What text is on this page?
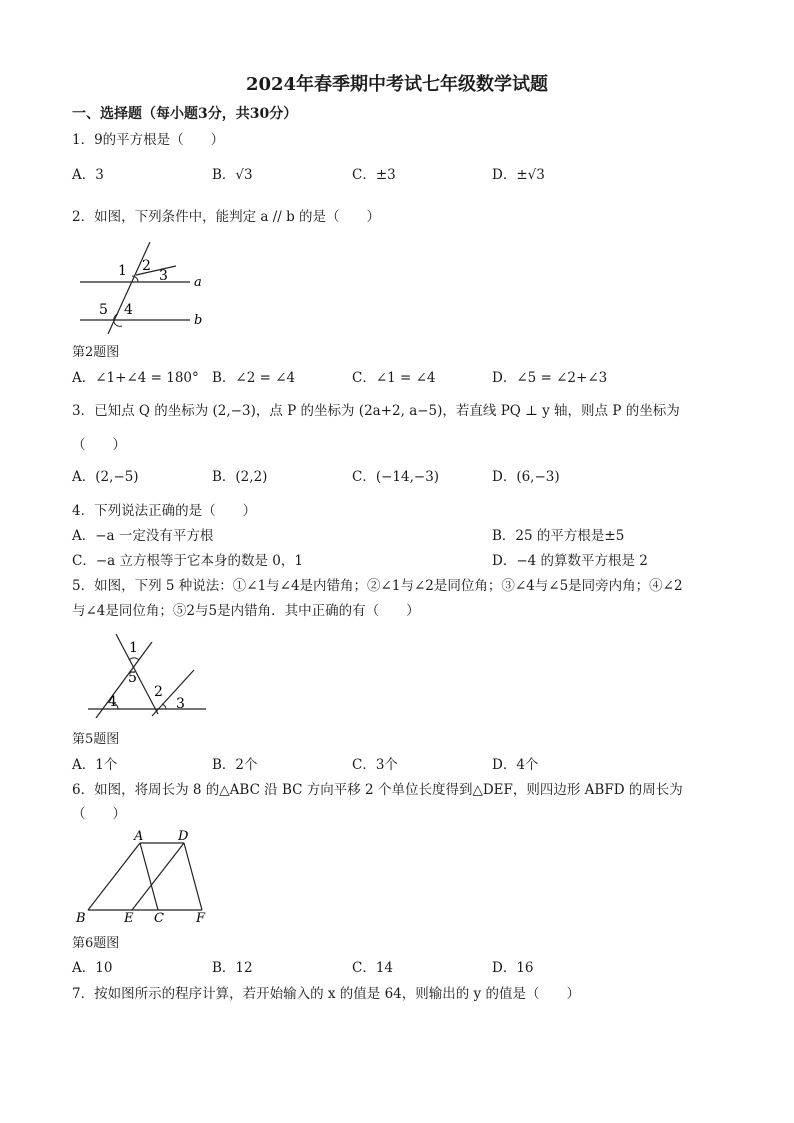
2024年春季期中考试七年级数学试题
一、选择题（每小题3分，共30分）
1．9的平方根是（　　）
A．3	B．√3	C．±3	D．±√3
2．如图，下列条件中，能判定 a // b 的是（　　）
1 2
3 a
5 4
b
第2题图
A．∠1+∠4 = 180° B．∠2 = ∠4	C．∠1 = ∠4	D．∠5 = ∠2+∠3
3．已知点 Q 的坐标为 (2,−3)，点 P 的坐标为 (2a+2, a−5)，若直线 PQ ⊥ y 轴，则点 P 的坐标为
（　　）
A．(2,−5)	B．(2,2)	C．(−14,−3)	D．(6,−3)
4．下列说法正确的是（　　）
A．−a 一定没有平方根	B．25 的平方根是±5
C．−a 立方根等于它本身的数是 0，1	D．−4 的算数平方根是 2
5．如图，下列 5 种说法：①∠1与∠4是内错角；②∠1与∠2是同位角；③∠4与∠5是同旁内角；④∠2
与∠4是同位角；⑤2与5是内错角．其中正确的有（　　）
1
5
2
4	3
第5题图
A．1个	B．2个	C．3个	D．4个
6．如图，将周长为 8 的△ABC 沿 BC 方向平移 2 个单位长度得到△DEF，则四边形 ABFD 的周长为
（　　）
A	D
B	E C F
第6题图
A．10	B．12	C．14	D．16
7．按如图所示的程序计算，若开始输入的 x 的值是 64，则输出的 y 的值是（　　）
